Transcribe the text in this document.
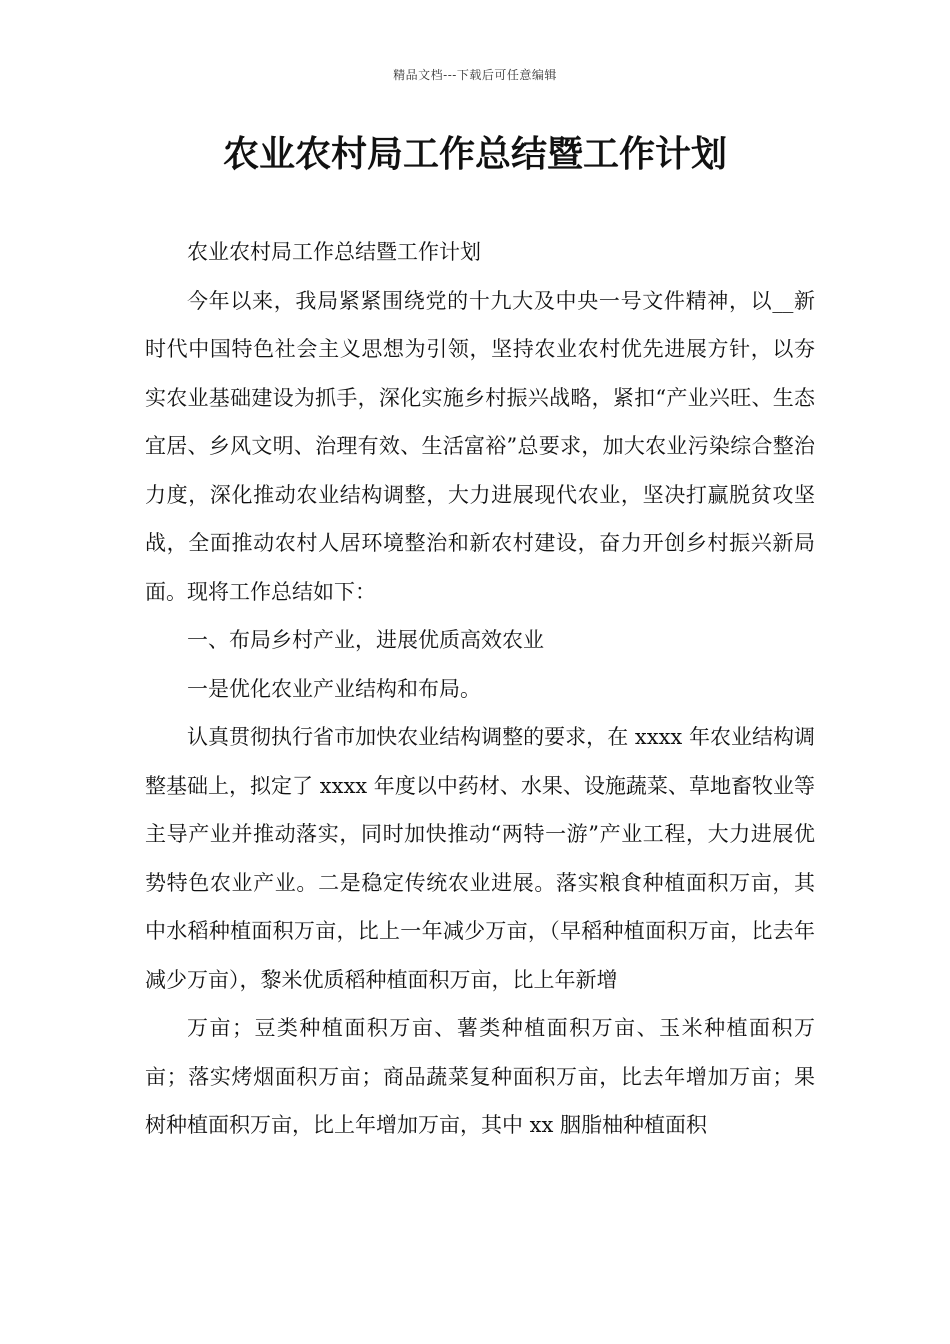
精品文档---下载后可任意编辑
农业农村局工作总结暨工作计划

农业农村局工作总结暨工作计划

今年以来，我局紧紧围绕党的十九大及中央一号文件精神，以__新时代中国特色社会主义思想为引领，坚持农业农村优先进展方针，以夯实农业基础建设为抓手，深化实施乡村振兴战略，紧扣“产业兴旺、生态宜居、乡风文明、治理有效、生活富裕”总要求，加大农业污染综合整治力度，深化推动农业结构调整，大力进展现代农业，坚决打赢脱贫攻坚战，全面推动农村人居环境整治和新农村建设，奋力开创乡村振兴新局面。现将工作总结如下：

一、布局乡村产业，进展优质高效农业

一是优化农业产业结构和布局。

认真贯彻执行省市加快农业结构调整的要求，在 xxxx 年农业结构调整基础上，拟定了 xxxx 年度以中药材、水果、设施蔬菜、草地畜牧业等主导产业并推动落实，同时加快推动“两特一游”产业工程，大力进展优势特色农业产业。二是稳定传统农业进展。落实粮食种植面积万亩，其中水稻种植面积万亩，比上一年减少万亩，（早稻种植面积万亩，比去年减少万亩），黎米优质稻种植面积万亩，比上年新增

万亩；豆类种植面积万亩、薯类种植面积万亩、玉米种植面积万亩；落实烤烟面积万亩；商品蔬菜复种面积万亩，比去年增加万亩；果树种植面积万亩，比上年增加万亩，其中 xx 胭脂柚种植面积
